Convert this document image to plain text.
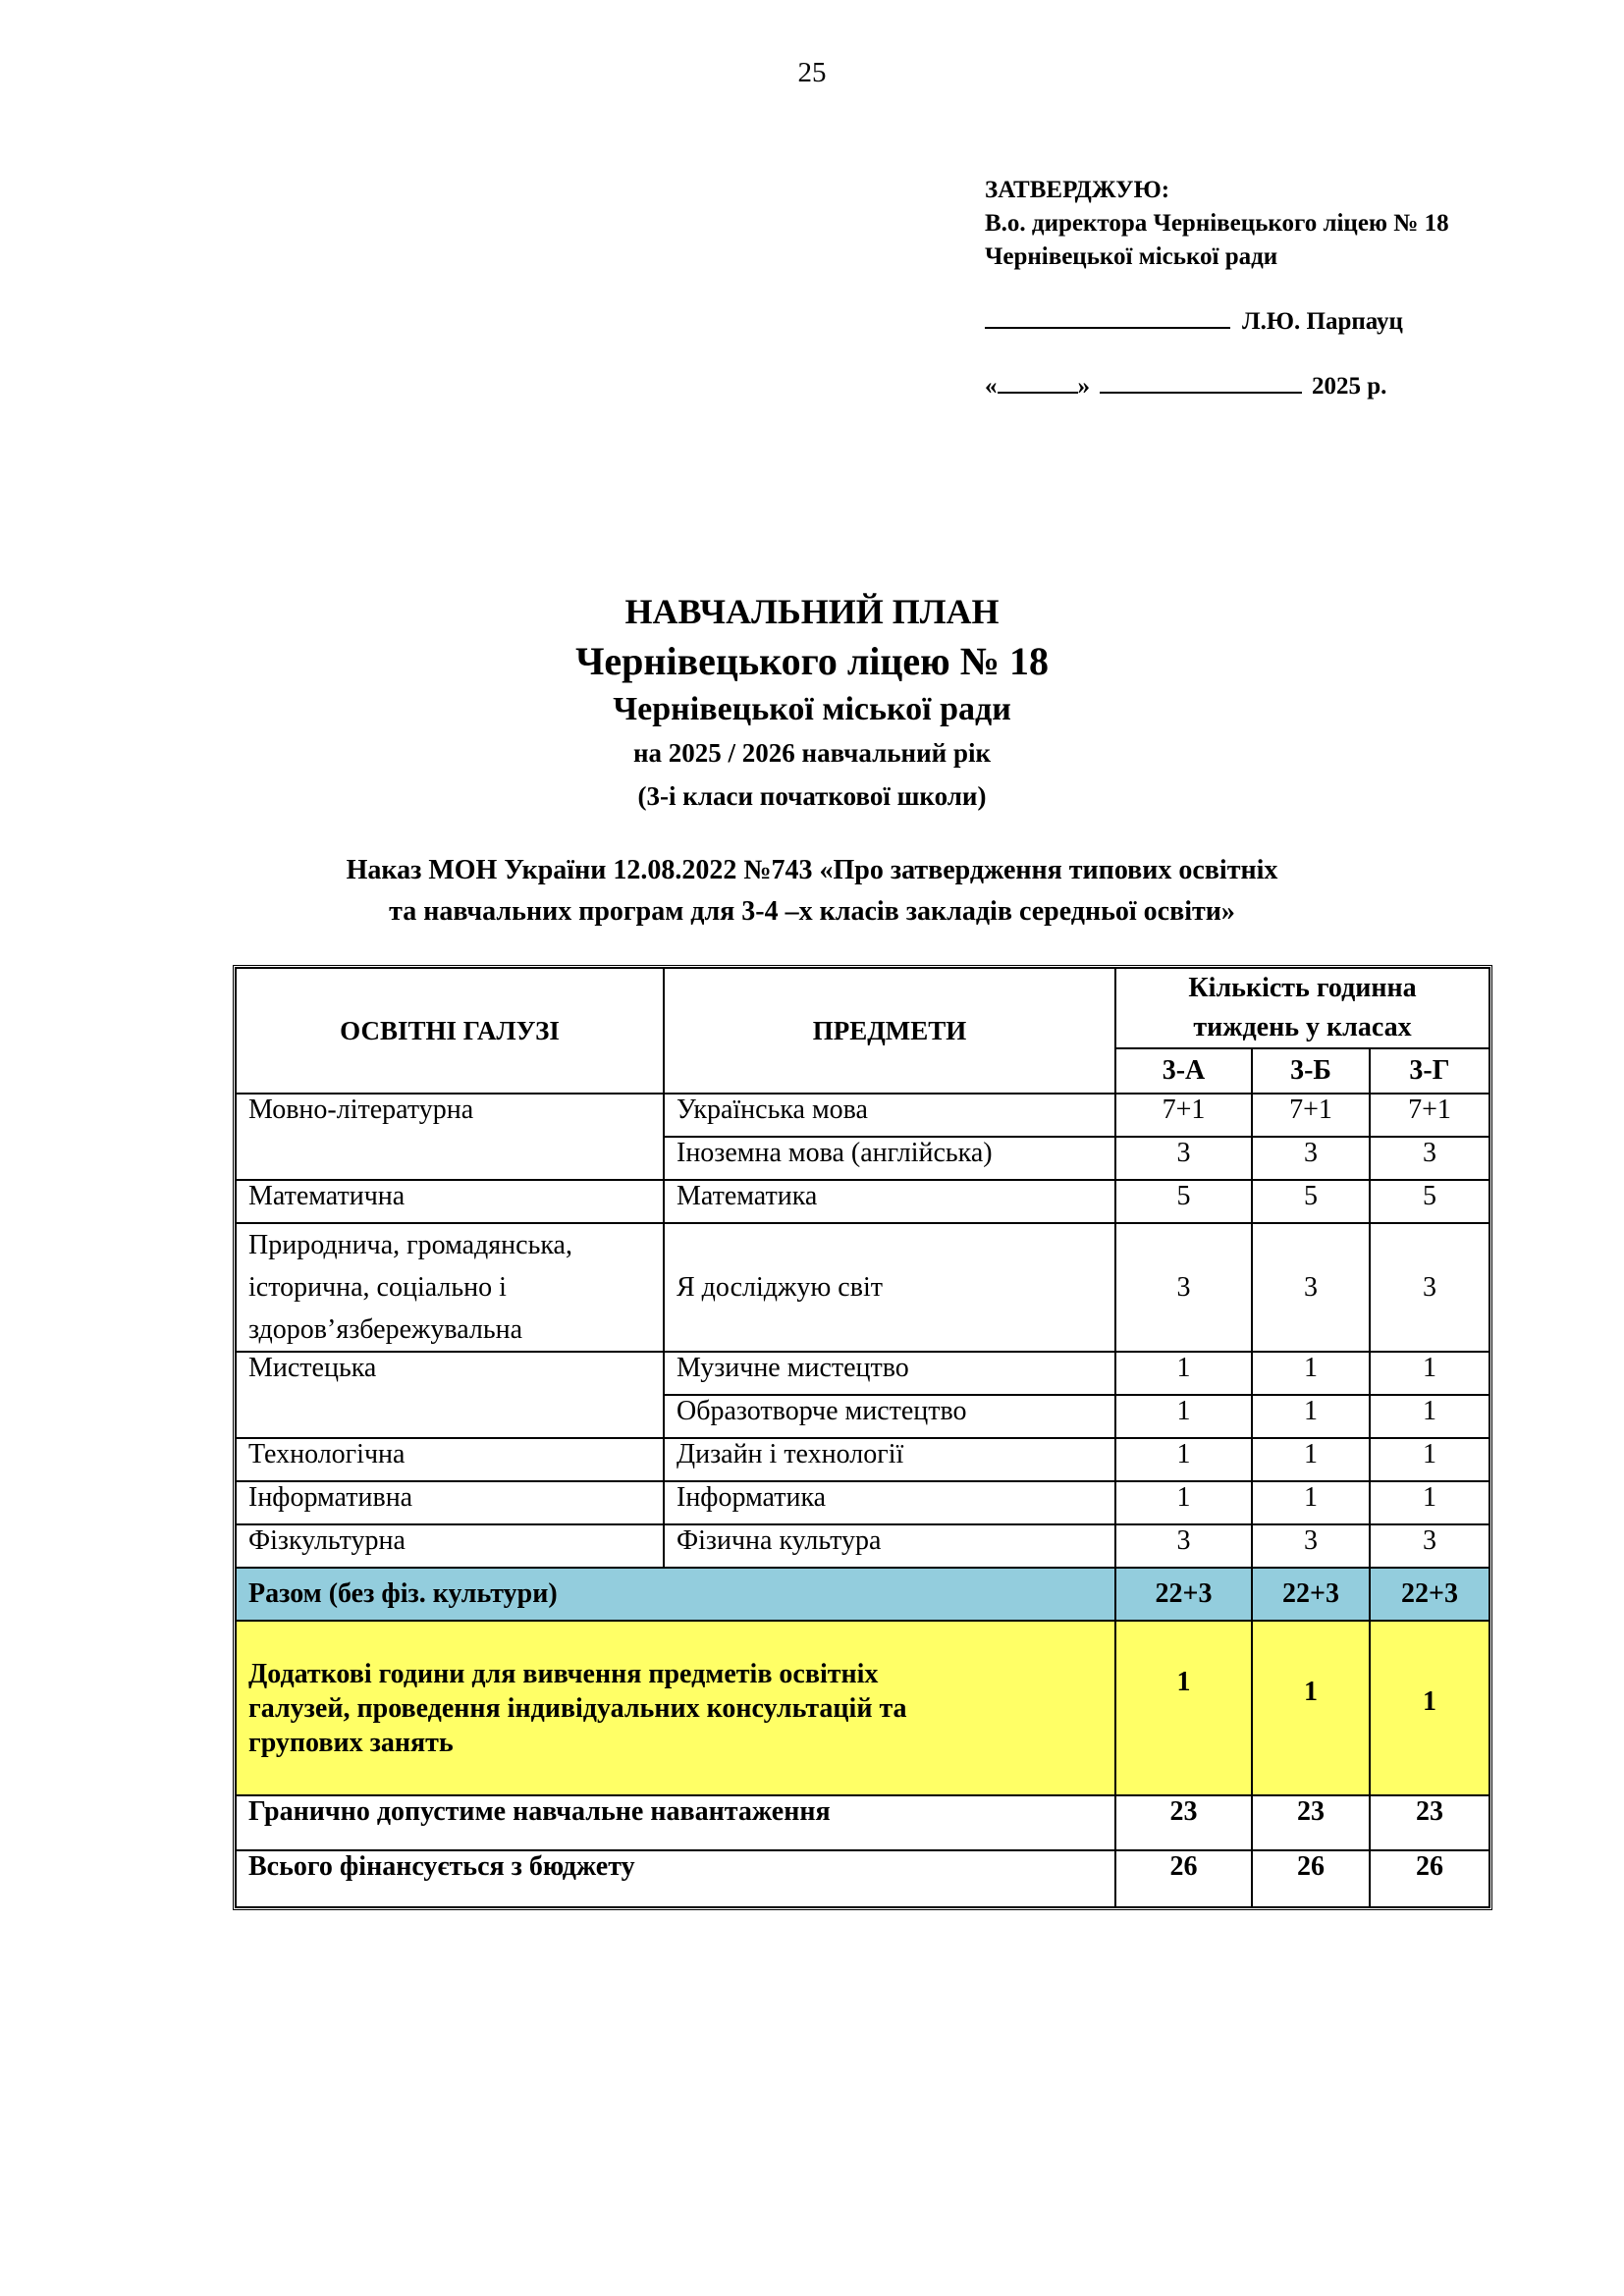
25
ЗАТВЕРДЖУЮ:
В.о. директора Чернівецького ліцею № 18
Чернівецької міської ради
Л.Ю. Парпауц
«	»	2025 р.
НАВЧАЛЬНИЙ ПЛАН
Чернівецького ліцею № 18
Чернівецької міської ради
на 2025 / 2026 навчальний рік
(3-і класи початкової школи)
Наказ МОН України 12.08.2022 №743 «Про затвердження типових освітніх
та навчальних програм для 3-4 –х класів закладів середньої освіти»
ОСВІТНІ ГАЛУЗІ	ПРЕДМЕТИ	Кількість годинна
тиждень у класах		

		3-А	3-Б	3-Г
Мовно-літературна	Українська мова	7+1	7+1	7+1
	Іноземна мова (англійська)	3	3	3
Математична	Математика	5	5	5

Природнича, громадянська,
історична, соціально і
здоров’язбережувальна	Я досліджую світ	3	3	3
Мистецька	Музичне мистецтво	1	1	1
	Образотворче мистецтво	1	1	1
Технологічна	Дизайн і технології	1	1	1
Інформативна	Інформатика	1	1	1
Фізкультурна	Фізична культура	3	3	3
Разом (без фіз. культури)		22+3	22+3	22+3

Додаткові години для вивчення предметів освітніх
галузей, проведення індивідуальних консультацій та
групових занять		1	1	1
Гранично допустиме навчальне навантаження		23	23	23
Всього фінансується з бюджету		26	26	26
